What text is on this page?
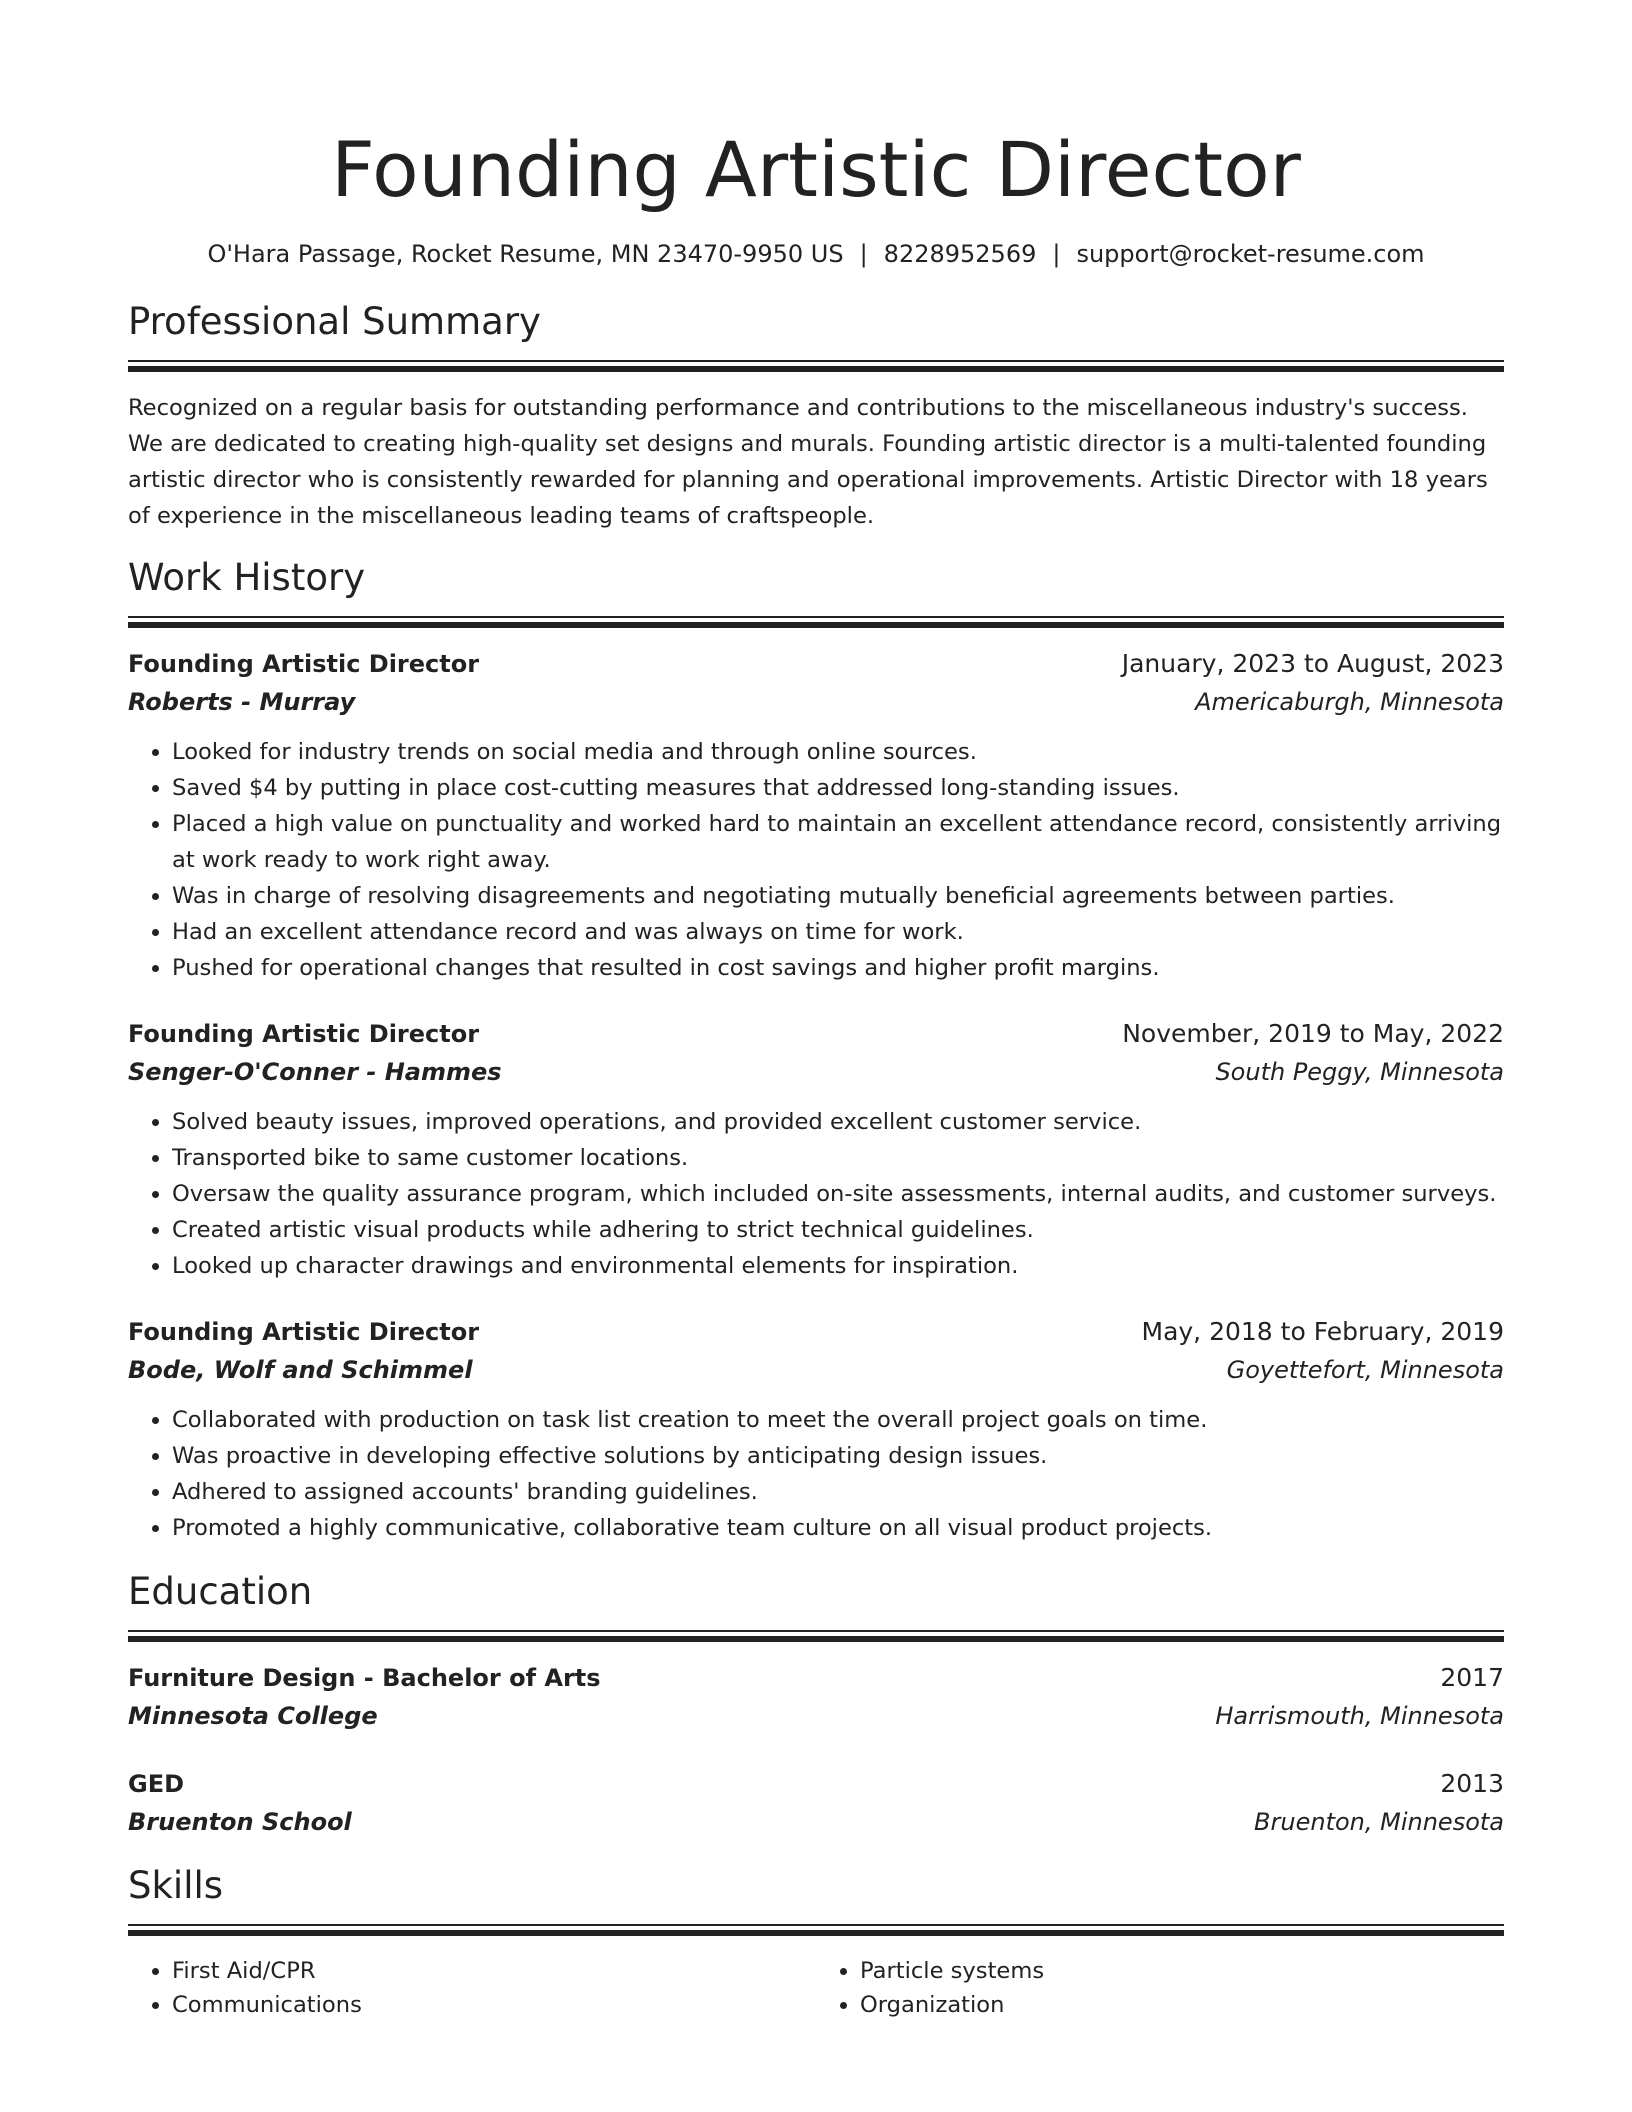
Founding Artistic Director
O'Hara Passage, Rocket Resume, MN 23470-9950 US | 8228952569 | support@rocket-resume.com
Professional Summary

Recognized on a regular basis for outstanding performance and contributions to the miscellaneous industry's success. We are dedicated to creating high-quality set designs and murals. Founding artistic director is a multi-talented founding artistic director who is consistently rewarded for planning and operational improvements. Artistic Director with 18 years of experience in the miscellaneous leading teams of craftspeople.

Work History
Founding Artistic Director	January, 2023 to August, 2023
Roberts - Murray	Americaburgh, Minnesota
• Looked for industry trends on social media and through online sources.
• Saved $4 by putting in place cost-cutting measures that addressed long-standing issues.
• Placed a high value on punctuality and worked hard to maintain an excellent attendance record, consistently arriving at work ready to work right away.
• Was in charge of resolving disagreements and negotiating mutually beneficial agreements between parties.
• Had an excellent attendance record and was always on time for work.
• Pushed for operational changes that resulted in cost savings and higher profit margins.
Founding Artistic Director	November, 2019 to May, 2022
Senger-O'Conner - Hammes	South Peggy, Minnesota
• Solved beauty issues, improved operations, and provided excellent customer service.
• Transported bike to same customer locations.
• Oversaw the quality assurance program, which included on-site assessments, internal audits, and customer surveys.
• Created artistic visual products while adhering to strict technical guidelines.
• Looked up character drawings and environmental elements for inspiration.
Founding Artistic Director	May, 2018 to February, 2019
Bode, Wolf and Schimmel	Goyettefort, Minnesota
• Collaborated with production on task list creation to meet the overall project goals on time.
• Was proactive in developing effective solutions by anticipating design issues.
• Adhered to assigned accounts' branding guidelines.
• Promoted a highly communicative, collaborative team culture on all visual product projects.
Education
Furniture Design - Bachelor of Arts	2017
Minnesota College	Harrismouth, Minnesota
GED	2013
Bruenton School	Bruenton, Minnesota
Skills
• First Aid/CPR
• Communications
• Particle systems
• Organization
